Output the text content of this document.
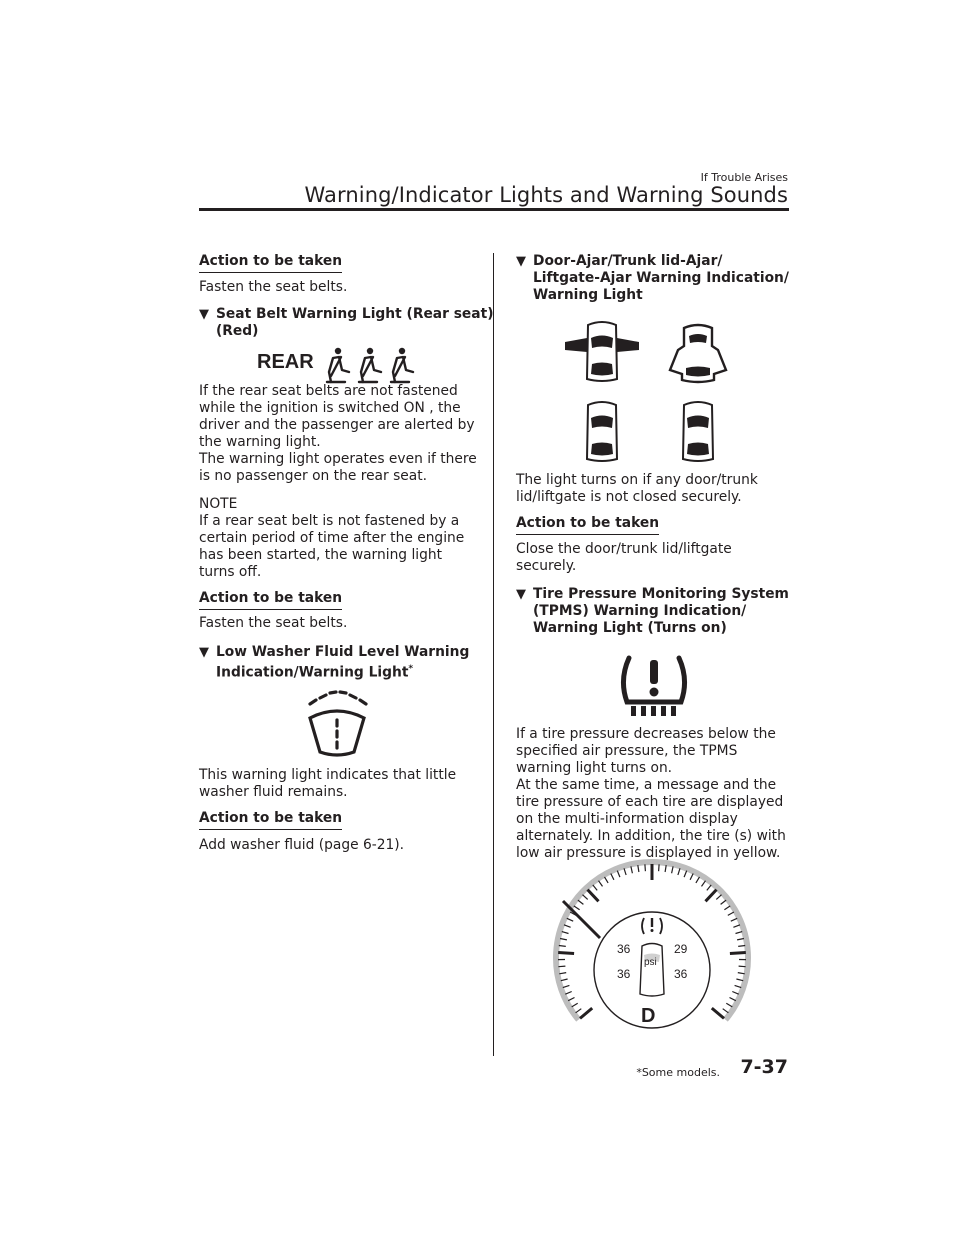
If Trouble Arises
Warning/Indicator Lights and Warning Sounds
Action to be taken
Fasten the seat belts.
▼ Seat Belt Warning Light (Rear seat)
(Red)
REAR
If the rear seat belts are not fastened
while the ignition is switched ON , the
driver and the passenger are alerted by
the warning light.
The warning light operates even if there
is no passenger on the rear seat.
NOTE
If a rear seat belt is not fastened by a
certain period of time after the engine
has been started, the warning light
turns off.
Action to be taken
Fasten the seat belts.
▼ Low Washer Fluid Level Warning
Indication/Warning Light*
This warning light indicates that little
washer fluid remains.
Action to be taken
Add washer fluid (page 6-21).
▼ Door-Ajar/Trunk lid-Ajar/
Liftgate-Ajar Warning Indication/
Warning Light
The light turns on if any door/trunk
lid/liftgate is not closed securely.
Action to be taken
Close the door/trunk lid/liftgate
securely.
▼ Tire Pressure Monitoring System
(TPMS) Warning Indication/
Warning Light (Turns on)
If a tire pressure decreases below the
specified air pressure, the TPMS
warning light turns on.
At the same time, a message and the
tire pressure of each tire are displayed
on the multi-information display
alternately. In addition, the tire (s) with
low air pressure is displayed in yellow.
36	29
36	36
psi
D
*Some models. 7-37
